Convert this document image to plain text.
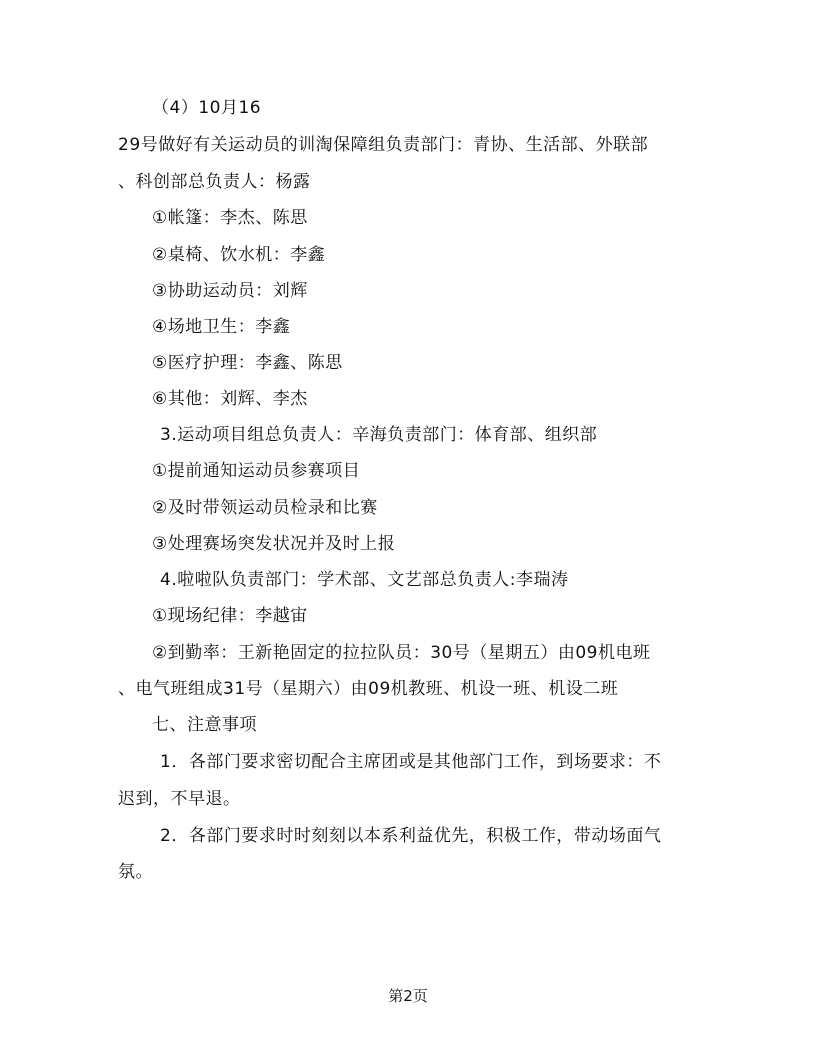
（4）10月16
29号做好有关运动员的训淘保障组负责部门：青协、生活部、外联部
、科创部总负责人：杨露
①帐篷：李杰、陈思
②桌椅、饮水机：李鑫
③协助运动员：刘辉
④场地卫生：李鑫
⑤医疗护理：李鑫、陈思
⑥其他：刘辉、李杰
3.运动项目组总负责人：辛海负责部门：体育部、组织部
①提前通知运动员参赛项目
②及时带领运动员检录和比赛
③处理赛场突发状况并及时上报
4.啦啦队负责部门：学术部、文艺部总负责人:李瑞涛
①现场纪律：李越宙
②到勤率：王新艳固定的拉拉队员：30号（星期五）由09机电班
、电气班组成31号（星期六）由09机教班、机设一班、机设二班
七、注意事项
1．各部门要求密切配合主席团或是其他部门工作，到场要求：不
迟到，不早退。
2．各部门要求时时刻刻以本系利益优先，积极工作，带动场面气
氛。
第2页
